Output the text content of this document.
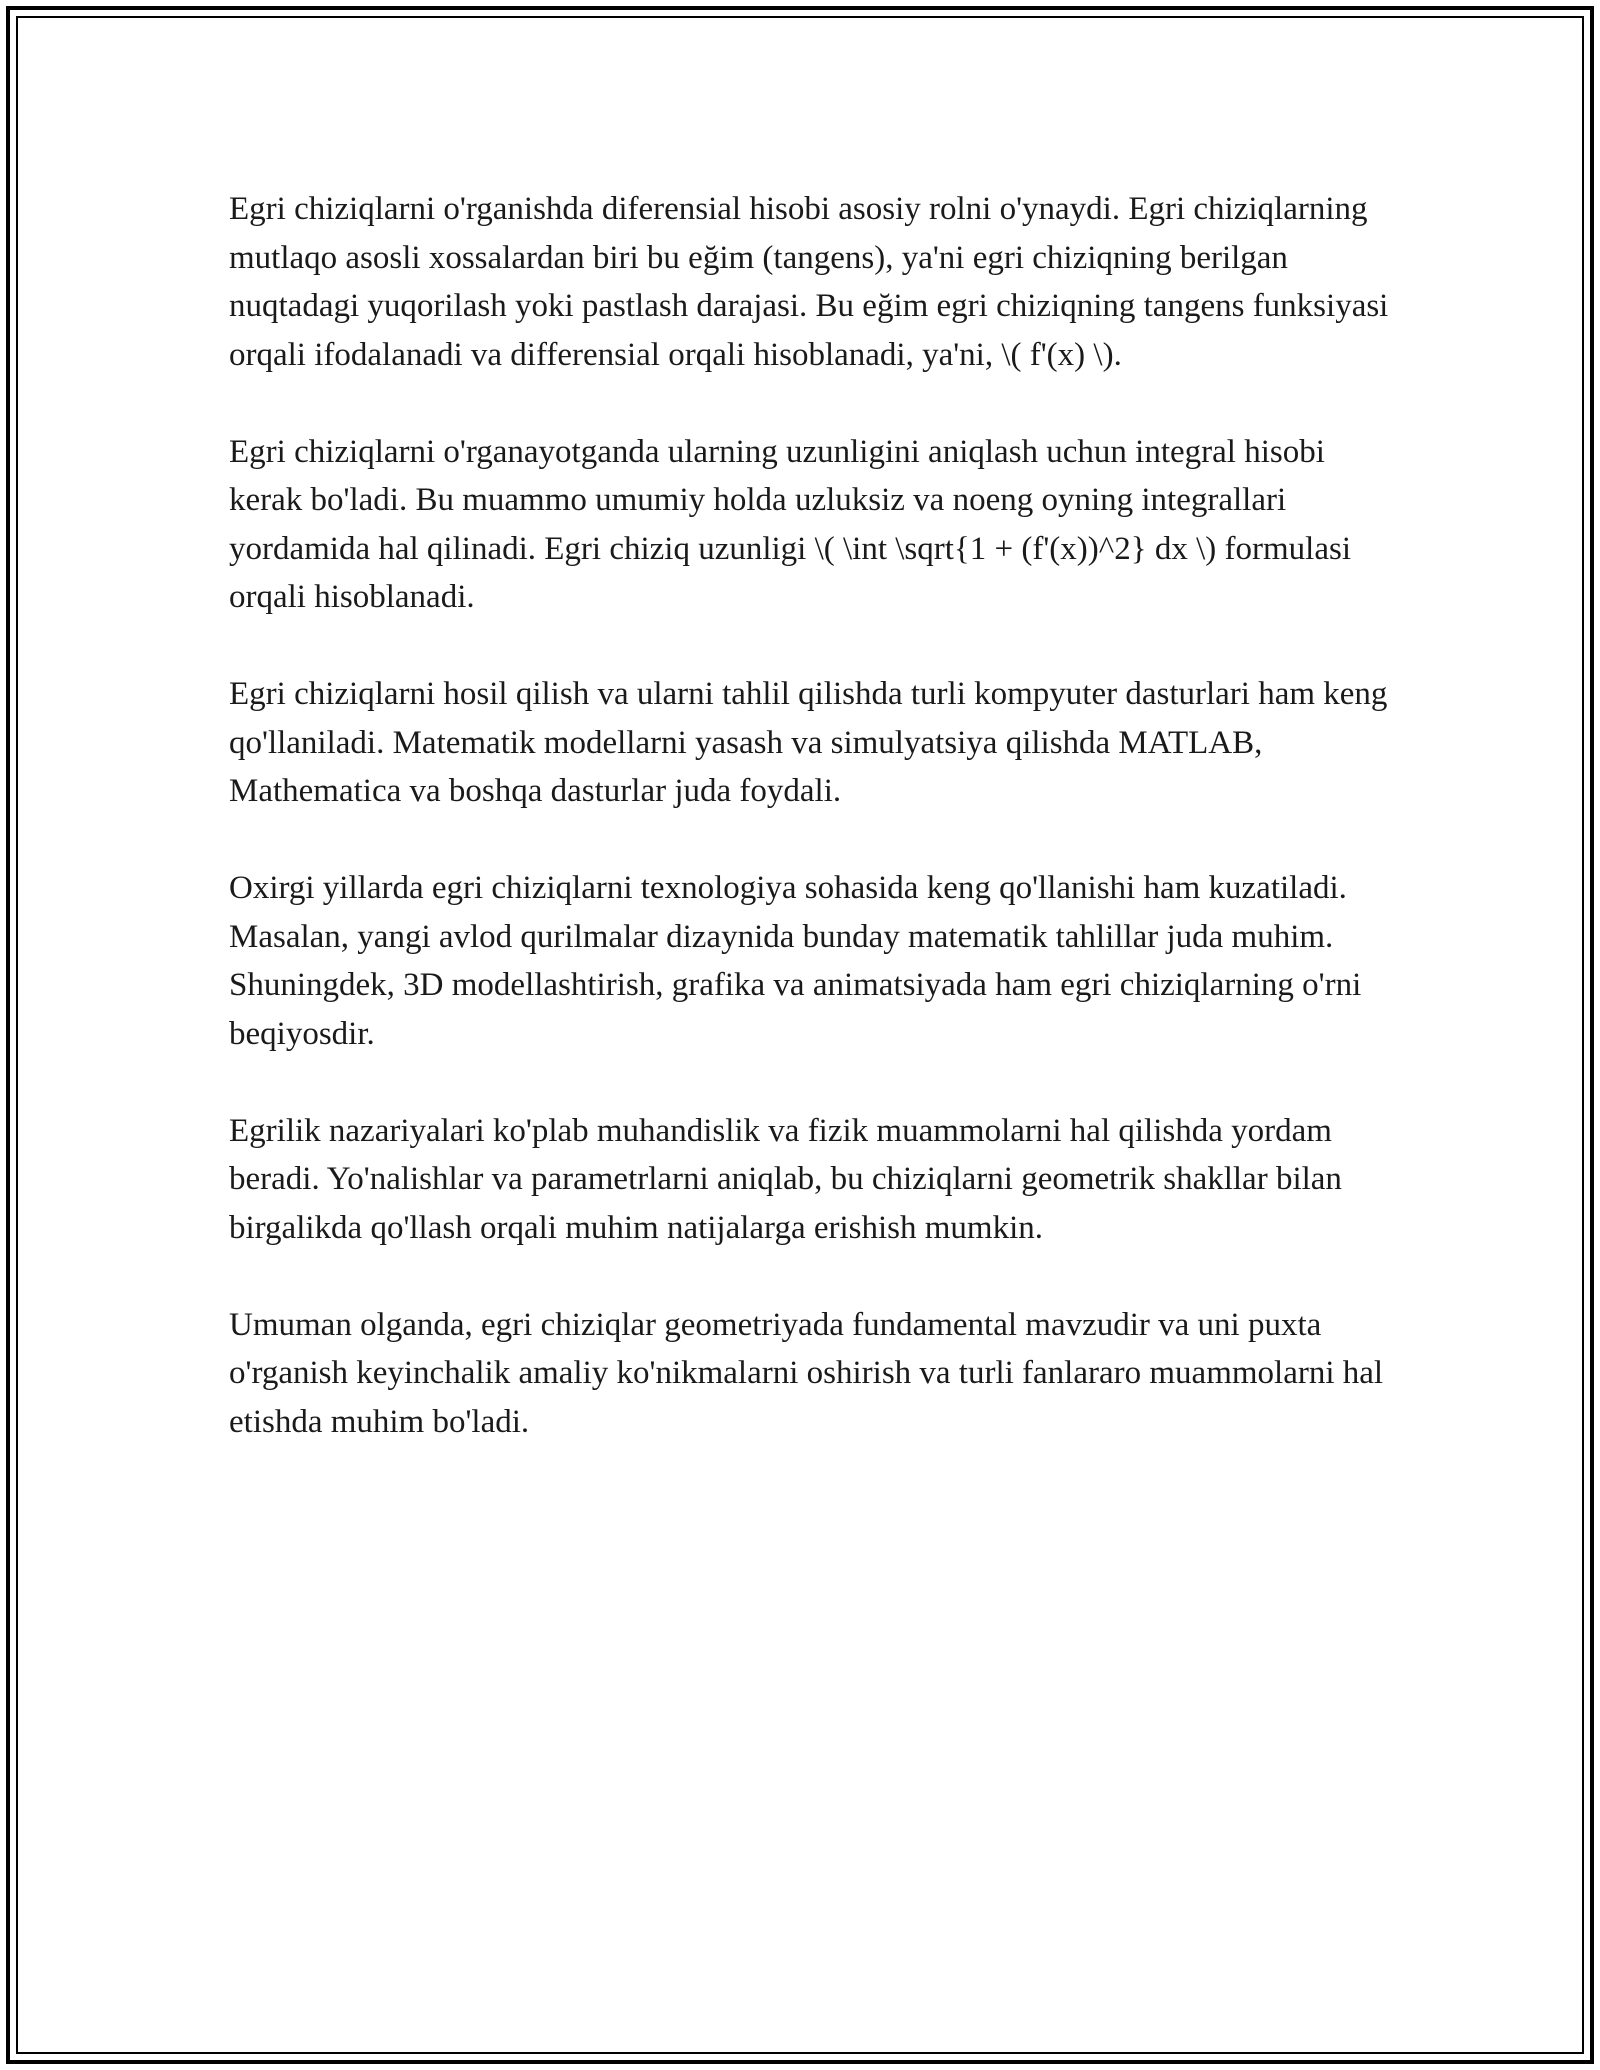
Egri chiziqlarni o'rganishda diferensial hisobi asosiy rolni o'ynaydi. Egri chiziqlarning mutlaqo asosli xossalardan biri bu eğim (tangens), ya'ni egri chiziqning berilgan nuqtadagi yuqorilash yoki pastlash darajasi. Bu eğim egri chiziqning tangens funksiyasi orqali ifodalanadi va differensial orqali hisoblanadi, ya'ni, \( f'(x) \).

Egri chiziqlarni o'rganayotganda ularning uzunligini aniqlash uchun integral hisobi kerak bo'ladi. Bu muammo umumiy holda uzluksiz va noeng oyning integrallari yordamida hal qilinadi. Egri chiziq uzunligi \( \int \sqrt{1 + (f'(x))^2} dx \) formulasi orqali hisoblanadi.

Egri chiziqlarni hosil qilish va ularni tahlil qilishda turli kompyuter dasturlari ham keng qo'llaniladi. Matematik modellarni yasash va simulyatsiya qilishda MATLAB, Mathematica va boshqa dasturlar juda foydali.

Oxirgi yillarda egri chiziqlarni texnologiya sohasida keng qo'llanishi ham kuzatiladi. Masalan, yangi avlod qurilmalar dizaynida bunday matematik tahlillar juda muhim. Shuningdek, 3D modellashtirish, grafika va animatsiyada ham egri chiziqlarning o'rni beqiyosdir.

Egrilik nazariyalari ko'plab muhandislik va fizik muammolarni hal qilishda yordam beradi. Yo'nalishlar va parametrlarni aniqlab, bu chiziqlarni geometrik shakllar bilan birgalikda qo'llash orqali muhim natijalarga erishish mumkin.

Umuman olganda, egri chiziqlar geometriyada fundamental mavzudir va uni puxta o'rganish keyinchalik amaliy ko'nikmalarni oshirish va turli fanlararo muammolarni hal etishda muhim bo'ladi.
